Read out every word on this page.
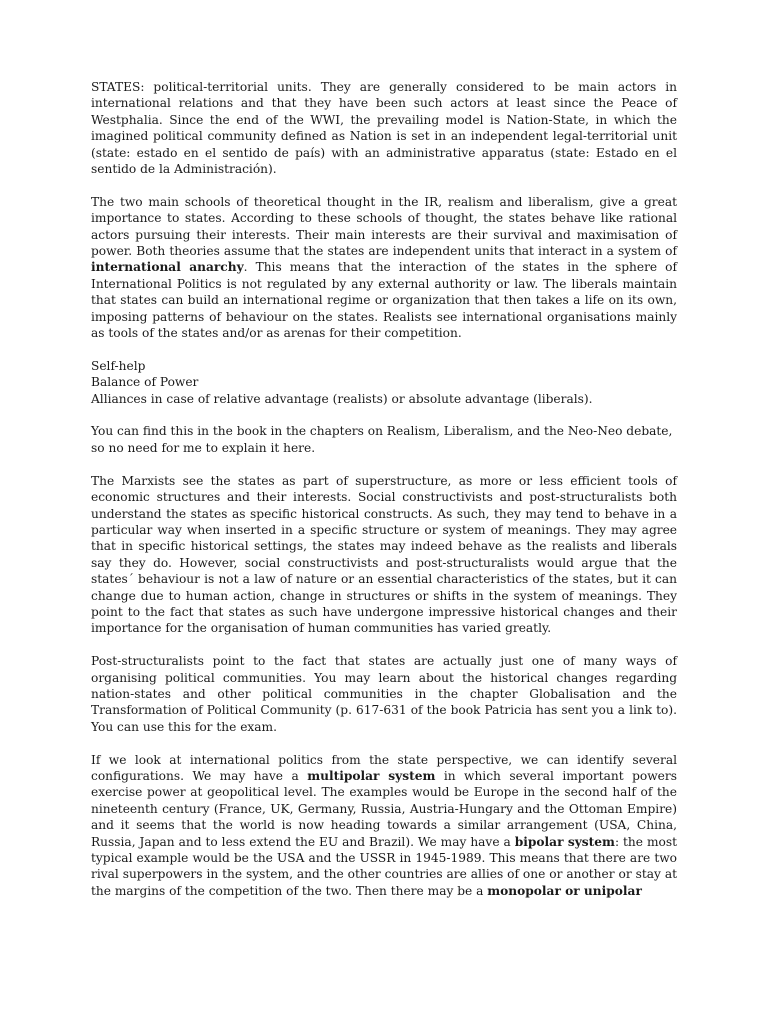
STATES: political-territorial units. They are generally considered to be main actors in international relations and that they have been such actors at least since the Peace of Westphalia. Since the end of the WWI, the prevailing model is Nation-State, in which the imagined political community defined as Nation is set in an independent legal-territorial unit (state: estado en el sentido de país) with an administrative apparatus (state: Estado en el sentido de la Administración).

The two main schools of theoretical thought in the IR, realism and liberalism, give a great importance to states. According to these schools of thought, the states behave like rational actors pursuing their interests. Their main interests are their survival and maximisation of power. Both theories assume that the states are independent units that interact in a system of international anarchy. This means that the interaction of the states in the sphere of International Politics is not regulated by any external authority or law. The liberals maintain that states can build an international regime or organization that then takes a life on its own, imposing patterns of behaviour on the states. Realists see international organisations mainly as tools of the states and/or as arenas for their competition.

Self-help
Balance of Power
Alliances in case of relative advantage (realists) or absolute advantage (liberals).

You can find this in the book in the chapters on Realism, Liberalism, and the Neo-Neo debate, so no need for me to explain it here.

The Marxists see the states as part of superstructure, as more or less efficient tools of economic structures and their interests. Social constructivists and post-structuralists both understand the states as specific historical constructs. As such, they may tend to behave in a particular way when inserted in a specific structure or system of meanings. They may agree that in specific historical settings, the states may indeed behave as the realists and liberals say they do. However, social constructivists and post-structuralists would argue that the states´ behaviour is not a law of nature or an essential characteristics of the states, but it can change due to human action, change in structures or shifts in the system of meanings. They point to the fact that states as such have undergone impressive historical changes and their importance for the organisation of human communities has varied greatly.

Post-structuralists point to the fact that states are actually just one of many ways of organising political communities. You may learn about the historical changes regarding nation-states and other political communities in the chapter Globalisation and the Transformation of Political Community (p. 617-631 of the book Patricia has sent you a link to). You can use this for the exam.

If we look at international politics from the state perspective, we can identify several configurations. We may have a multipolar system in which several important powers exercise power at geopolitical level. The examples would be Europe in the second half of the nineteenth century (France, UK, Germany, Russia, Austria-Hungary and the Ottoman Empire) and it seems that the world is now heading towards a similar arrangement (USA, China, Russia, Japan and to less extend the EU and Brazil). We may have a bipolar system: the most typical example would be the USA and the USSR in 1945-1989. This means that there are two rival superpowers in the system, and the other countries are allies of one or another or stay at the margins of the competition of the two. Then there may be a monopolar or unipolar
